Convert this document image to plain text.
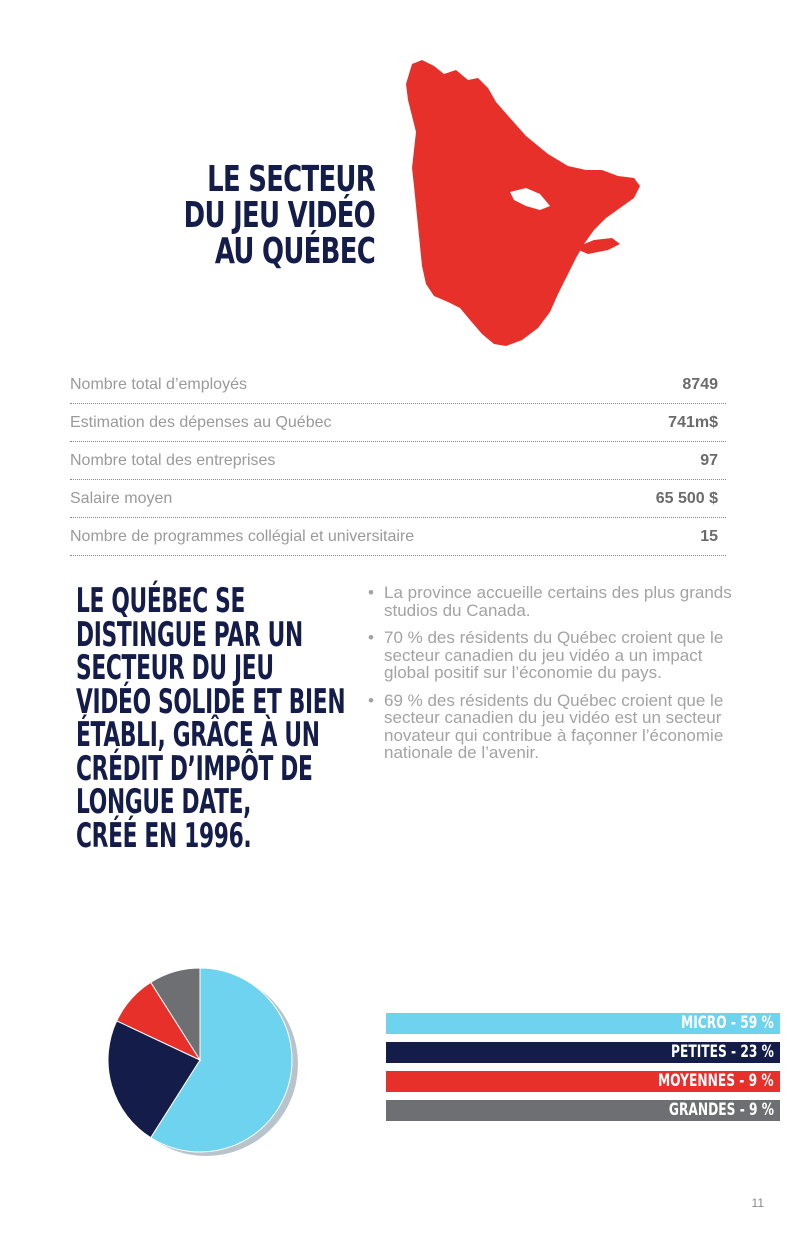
LE SECTEUR
DU JEU VIDÉO
AU QUÉBEC
Nombre total d’employés	8749
Estimation des dépenses au Québec	741m$
Nombre total des entreprises	97
Salaire moyen	65 500 $
Nombre de programmes collégial et universitaire	15
LE QUÉBEC SE
DISTINGUE PAR UN
SECTEUR DU JEU
VIDÉO SOLIDE ET BIEN
ÉTABLI, GRÂCE À UN
CRÉDIT D’IMPÔT DE
LONGUE DATE,
CRÉÉ EN 1996.
• La province accueille certains des plus grands studios du Canada.
• 70 % des résidents du Québec croient que le secteur canadien du jeu vidéo a un impact global positif sur l’économie du pays.
• 69 % des résidents du Québec croient que le secteur canadien du jeu vidéo est un secteur novateur qui contribue à façonner l’économie nationale de l’avenir.
MICRO - 59 %
PETITES - 23 %
MOYENNES - 9 %
GRANDES - 9 %
11
